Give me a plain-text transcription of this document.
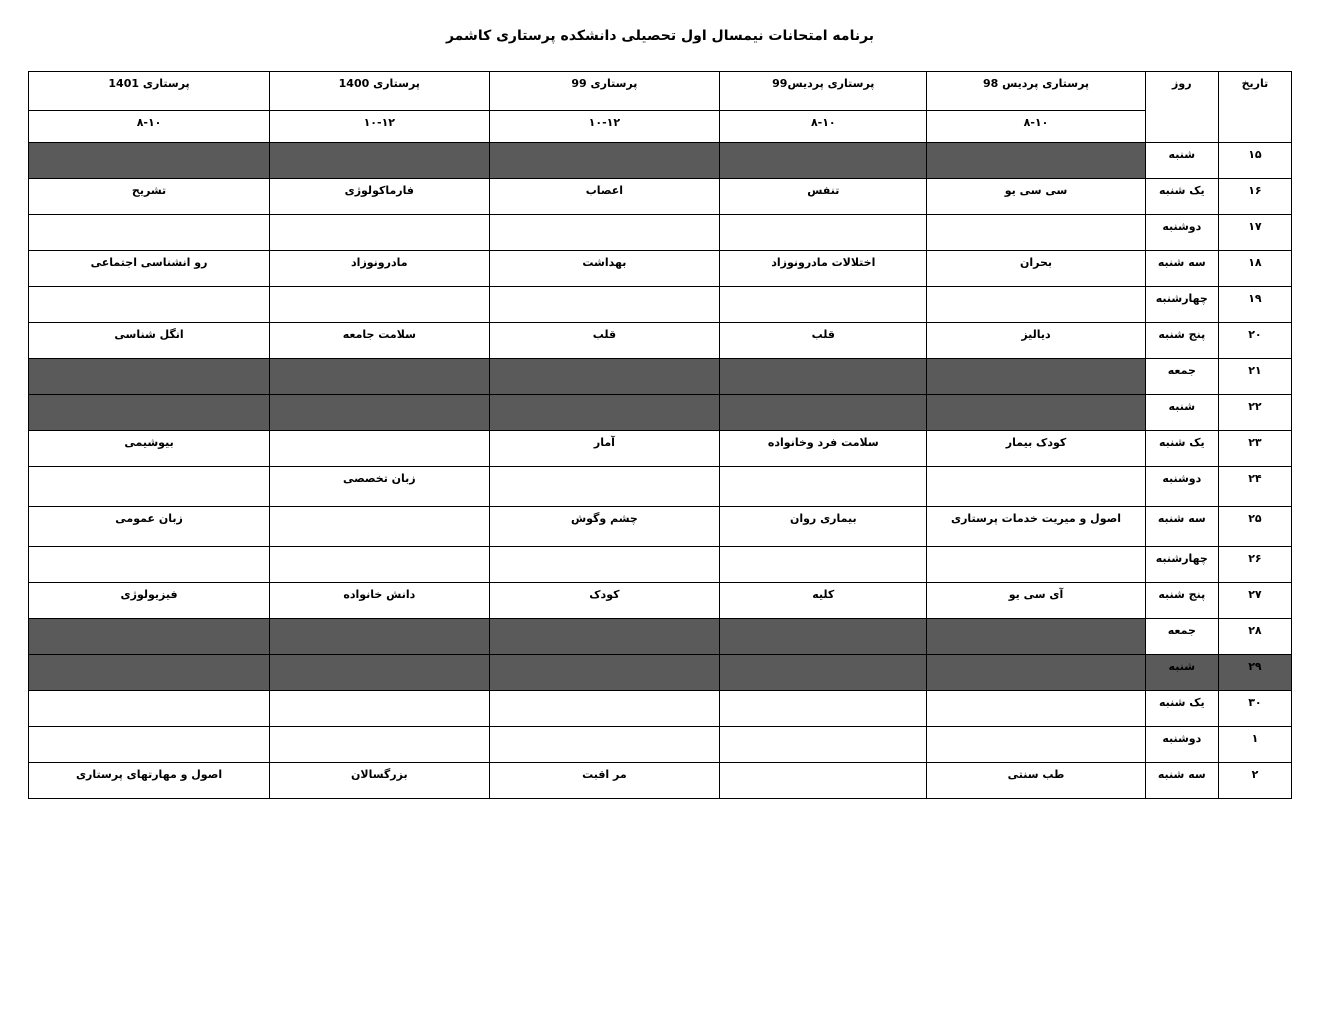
برنامه امتحانات نیمسال اول تحصیلی دانشکده پرستاری کاشمر
تاریخ	روز	پرستاری پردیس 98	پرستاری پردیس99	پرستاری 99	پرستاری 1400	پرستاری 1401
		۸-۱۰	۸-۱۰	۱۰-۱۲	۱۰-۱۲	۸-۱۰
۱۵	شنبه					
۱۶	یک شنبه	سی سی یو	تنفس	اعصاب	فارماکولوژی	تشریح
۱۷	دوشنبه					
۱۸	سه شنبه	بحران	اختلالات مادرونوزاد	بهداشت	مادرونوزاد	رو انشناسی اجتماعی
۱۹	چهارشنبه					
۲۰	پنج شنبه	دیالیز	قلب	قلب	سلامت جامعه	انگل شناسی
۲۱	جمعه					
۲۲	شنبه					
۲۳	یک شنبه	کودک بیمار	سلامت فرد وخانواده	آمار		بیوشیمی
۲۴	دوشنبه				زبان تخصصی	
۲۵	سه شنبه	اصول و میریت خدمات پرستاری	بیماری روان	چشم وگوش		زبان عمومی
۲۶	چهارشنبه					
۲۷	پنج شنبه	آی سی یو	کلیه	کودک	دانش خانواده	فیزیولوژی
۲۸	جمعه					
۲۹	شنبه					
۳۰	یک شنبه					
۱	دوشنبه					
۲	سه شنبه	طب سنتی		مر اقبت	بزرگسالان	اصول و مهارتهای پرستاری
